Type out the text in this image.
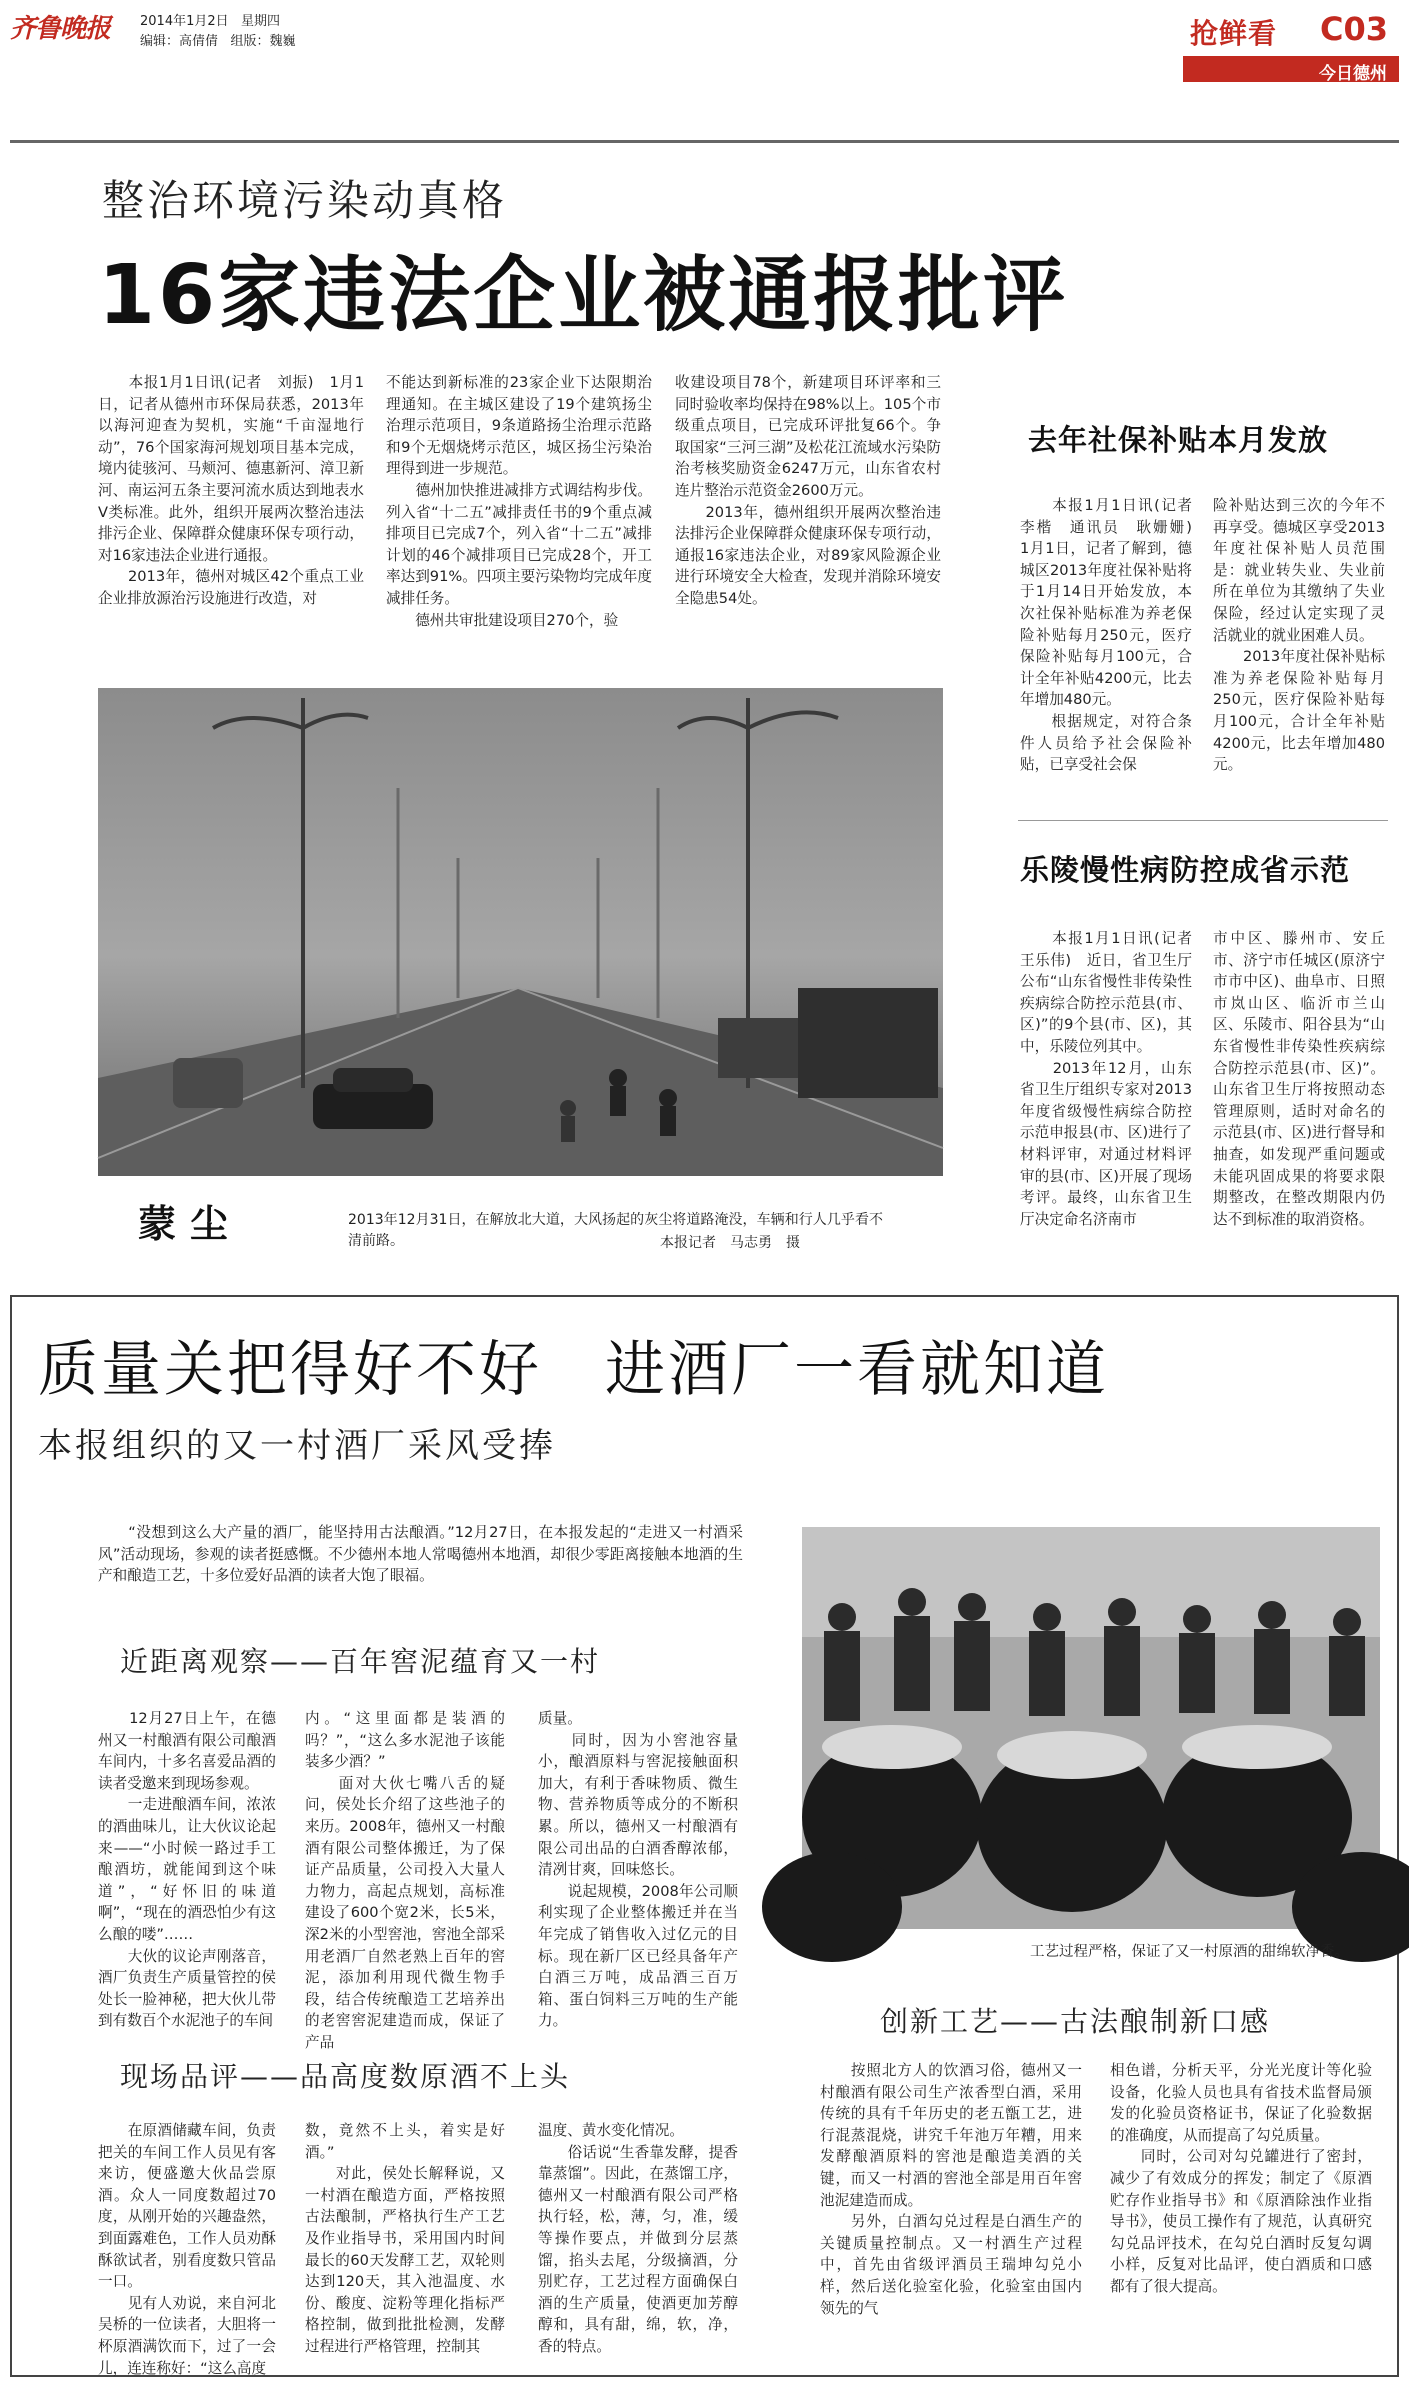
齐鲁晚报 2014年1月2日 星期四
编辑：高倩倩 组版：魏巍	抢鲜看 C03
今日德州
整治环境污染动真格
16家违法企业被通报批评
　　本报1月1日讯(记者　刘振)　1月1日，记者从德州市环保局获悉，2013年以海河迎查为契机，实施“千亩湿地行动”，76个国家海河规划项目基本完成，境内徒骇河、马颊河、德惠新河、漳卫新河、南运河五条主要河流水质达到地表水Ⅴ类标准。此外，组织开展两次整治违法排污企业、保障群众健康环保专项行动，对16家违法企业进行通报。
　　2013年，德州对城区42个重点工业企业排放源治污设施进行改造，对
不能达到新标准的23家企业下达限期治理通知。在主城区建设了19个建筑扬尘治理示范项目，9条道路扬尘治理示范路和9个无烟烧烤示范区，城区扬尘污染治理得到进一步规范。
　　德州加快推进减排方式调结构步伐。列入省“十二五”减排责任书的9个重点减排项目已完成7个，列入省“十二五”减排计划的46个减排项目已完成28个，开工率达到91%。四项主要污染物均完成年度减排任务。
　　德州共审批建设项目270个，验
收建设项目78个，新建项目环评率和三同时验收率均保持在98%以上。105个市级重点项目，已完成环评批复66个。争取国家“三河三湖”及松花江流域水污染防治考核奖励资金6247万元，山东省农村连片整治示范资金2600万元。
　　2013年，德州组织开展两次整治违法排污企业保障群众健康环保专项行动，通报16家违法企业，对89家风险源企业进行环境安全大检查，发现并消除环境安全隐患54处。
蒙尘	2013年12月31日，在解放北大道，大风扬起的灰尘将道路淹没，车辆和行人几乎看不清前路。	本报记者　马志勇　摄
去年社保补贴本月发放
　　本报1月1日讯(记者　李楷　通讯员　耿姗姗)　1月1日，记者了解到，德城区2013年度社保补贴将于1月14日开始发放，本次社保补贴标准为养老保险补贴每月250元，医疗保险补贴每月100元，合计全年补贴4200元，比去年增加480元。
　　根据规定，对符合条件人员给予社会保险补贴，已享受社会保
险补贴达到三次的今年不再享受。德城区享受2013年度社保补贴人员范围是：就业转失业、失业前所在单位为其缴纳了失业保险，经过认定实现了灵活就业的就业困难人员。
　　2013年度社保补贴标准为养老保险补贴每月250元，医疗保险补贴每月100元，合计全年补贴4200元，比去年增加480元。
乐陵慢性病防控成省示范
　　本报1月1日讯(记者　王乐伟)　近日，省卫生厅公布“山东省慢性非传染性疾病综合防控示范县(市、区)”的9个县(市、区)，其中，乐陵位列其中。
　　2013年12月，山东省卫生厅组织专家对2013年度省级慢性病综合防控示范申报县(市、区)进行了材料评审，对通过材料评审的县(市、区)开展了现场考评。最终，山东省卫生厅决定命名济南市
市中区、滕州市、安丘市、济宁市任城区(原济宁市市中区)、曲阜市、日照市岚山区、临沂市兰山区、乐陵市、阳谷县为“山东省慢性非传染性疾病综合防控示范县(市、区)”。山东省卫生厅将按照动态管理原则，适时对命名的示范县(市、区)进行督导和抽查，如发现严重问题或未能巩固成果的将要求限期整改，在整改期限内仍达不到标准的取消资格。
质量关把得好不好　进酒厂一看就知道
本报组织的又一村酒厂采风受捧
　　“没想到这么大产量的酒厂，能坚持用古法酿酒。”12月27日，在本报发起的“走进又一村酒采风”活动现场，参观的读者挺感慨。不少德州本地人常喝德州本地酒，却很少零距离接触本地酒的生产和酿造工艺，十多位爱好品酒的读者大饱了眼福。
近距离观察——百年窖泥蕴育又一村
　　12月27日上午，在德州又一村酿酒有限公司酿酒车间内，十多名喜爱品酒的读者受邀来到现场参观。
　　一走进酿酒车间，浓浓的酒曲味儿，让大伙议论起来——“小时候一路过手工酿酒坊，就能闻到这个味道”，“好怀旧的味道啊”，“现在的酒恐怕少有这么酿的喽”……
　　大伙的议论声刚落音，酒厂负责生产质量管控的侯处长一脸神秘，把大伙儿带到有数百个水泥池子的车间
内。“这里面都是装酒的吗？”，“这么多水泥池子该能装多少酒？”
　　面对大伙七嘴八舌的疑问，侯处长介绍了这些池子的来历。2008年，德州又一村酿酒有限公司整体搬迁，为了保证产品质量，公司投入大量人力物力，高起点规划，高标准建设了600个宽2米，长5米，深2米的小型窖池，窖池全部采用老酒厂自然老熟上百年的窖泥，添加利用现代微生物手段，结合传统酿造工艺培养出的老窖窖泥建造而成，保证了产品
质量。
　　同时，因为小窖池容量小，酿酒原料与窖泥接触面积加大，有利于香味物质、微生物、营养物质等成分的不断积累。所以，德州又一村酿酒有限公司出品的白酒香醇浓郁，清冽甘爽，回味悠长。
　　说起规模，2008年公司顺利实现了企业整体搬迁并在当年完成了销售收入过亿元的目标。现在新厂区已经具备年产白酒三万吨，成品酒三百万箱、蛋白饲料三万吨的生产能力。
现场品评——品高度数原酒不上头
　　在原酒储藏车间，负责把关的车间工作人员见有客来访，便盛邀大伙品尝原酒。众人一同度数超过70度，从刚开始的兴趣盎然，到面露难色，工作人员劝酥酥欲试者，别看度数只管品一口。
　　见有人劝说，来自河北吴桥的一位读者，大胆将一杯原酒满饮而下，过了一会儿，连连称好：“这么高度
数，竟然不上头，着实是好酒。”
　　对此，侯处长解释说，又一村酒在酿造方面，严格按照古法酿制，严格执行生产工艺及作业指导书，采用国内时间最长的60天发酵工艺，双轮则达到120天，其入池温度、水份、酸度、淀粉等理化指标严格控制，做到批批检测，发酵过程进行严格管理，控制其
温度、黄水变化情况。
　　俗话说“生香靠发酵，提香靠蒸馏”。因此，在蒸馏工序，德州又一村酿酒有限公司严格执行轻，松，薄，匀，准，缓等操作要点，并做到分层蒸馏，掐头去尾，分级摘酒，分别贮存，工艺过程方面确保白酒的生产质量，使酒更加芳醇醇和，具有甜，绵，软，净，香的特点。
工艺过程严格，保证了又一村原酒的甜绵软净香。
创新工艺——古法酿制新口感
　　按照北方人的饮酒习俗，德州又一村酿酒有限公司生产浓香型白酒，采用传统的具有千年历史的老五甑工艺，进行混蒸混烧，讲究千年池万年糟，用来发酵酿酒原料的窖池是酿造美酒的关键，而又一村酒的窖池全部是用百年窖池泥建造而成。
　　另外，白酒勾兑过程是白酒生产的关键质量控制点。又一村酒生产过程中，首先由省级评酒员王瑞坤勾兑小样，然后送化验室化验，化验室由国内领先的气
相色谱，分析天平，分光光度计等化验设备，化验人员也具有省技术监督局颁发的化验员资格证书，保证了化验数据的准确度，从而提高了勾兑质量。
　　同时，公司对勾兑罐进行了密封，减少了有效成分的挥发；制定了《原酒贮存作业指导书》和《原酒除浊作业指导书》，使员工操作有了规范，认真研究勾兑品评技术，在勾兑白酒时反复勾调小样，反复对比品评，使白酒质和口感都有了很大提高。
